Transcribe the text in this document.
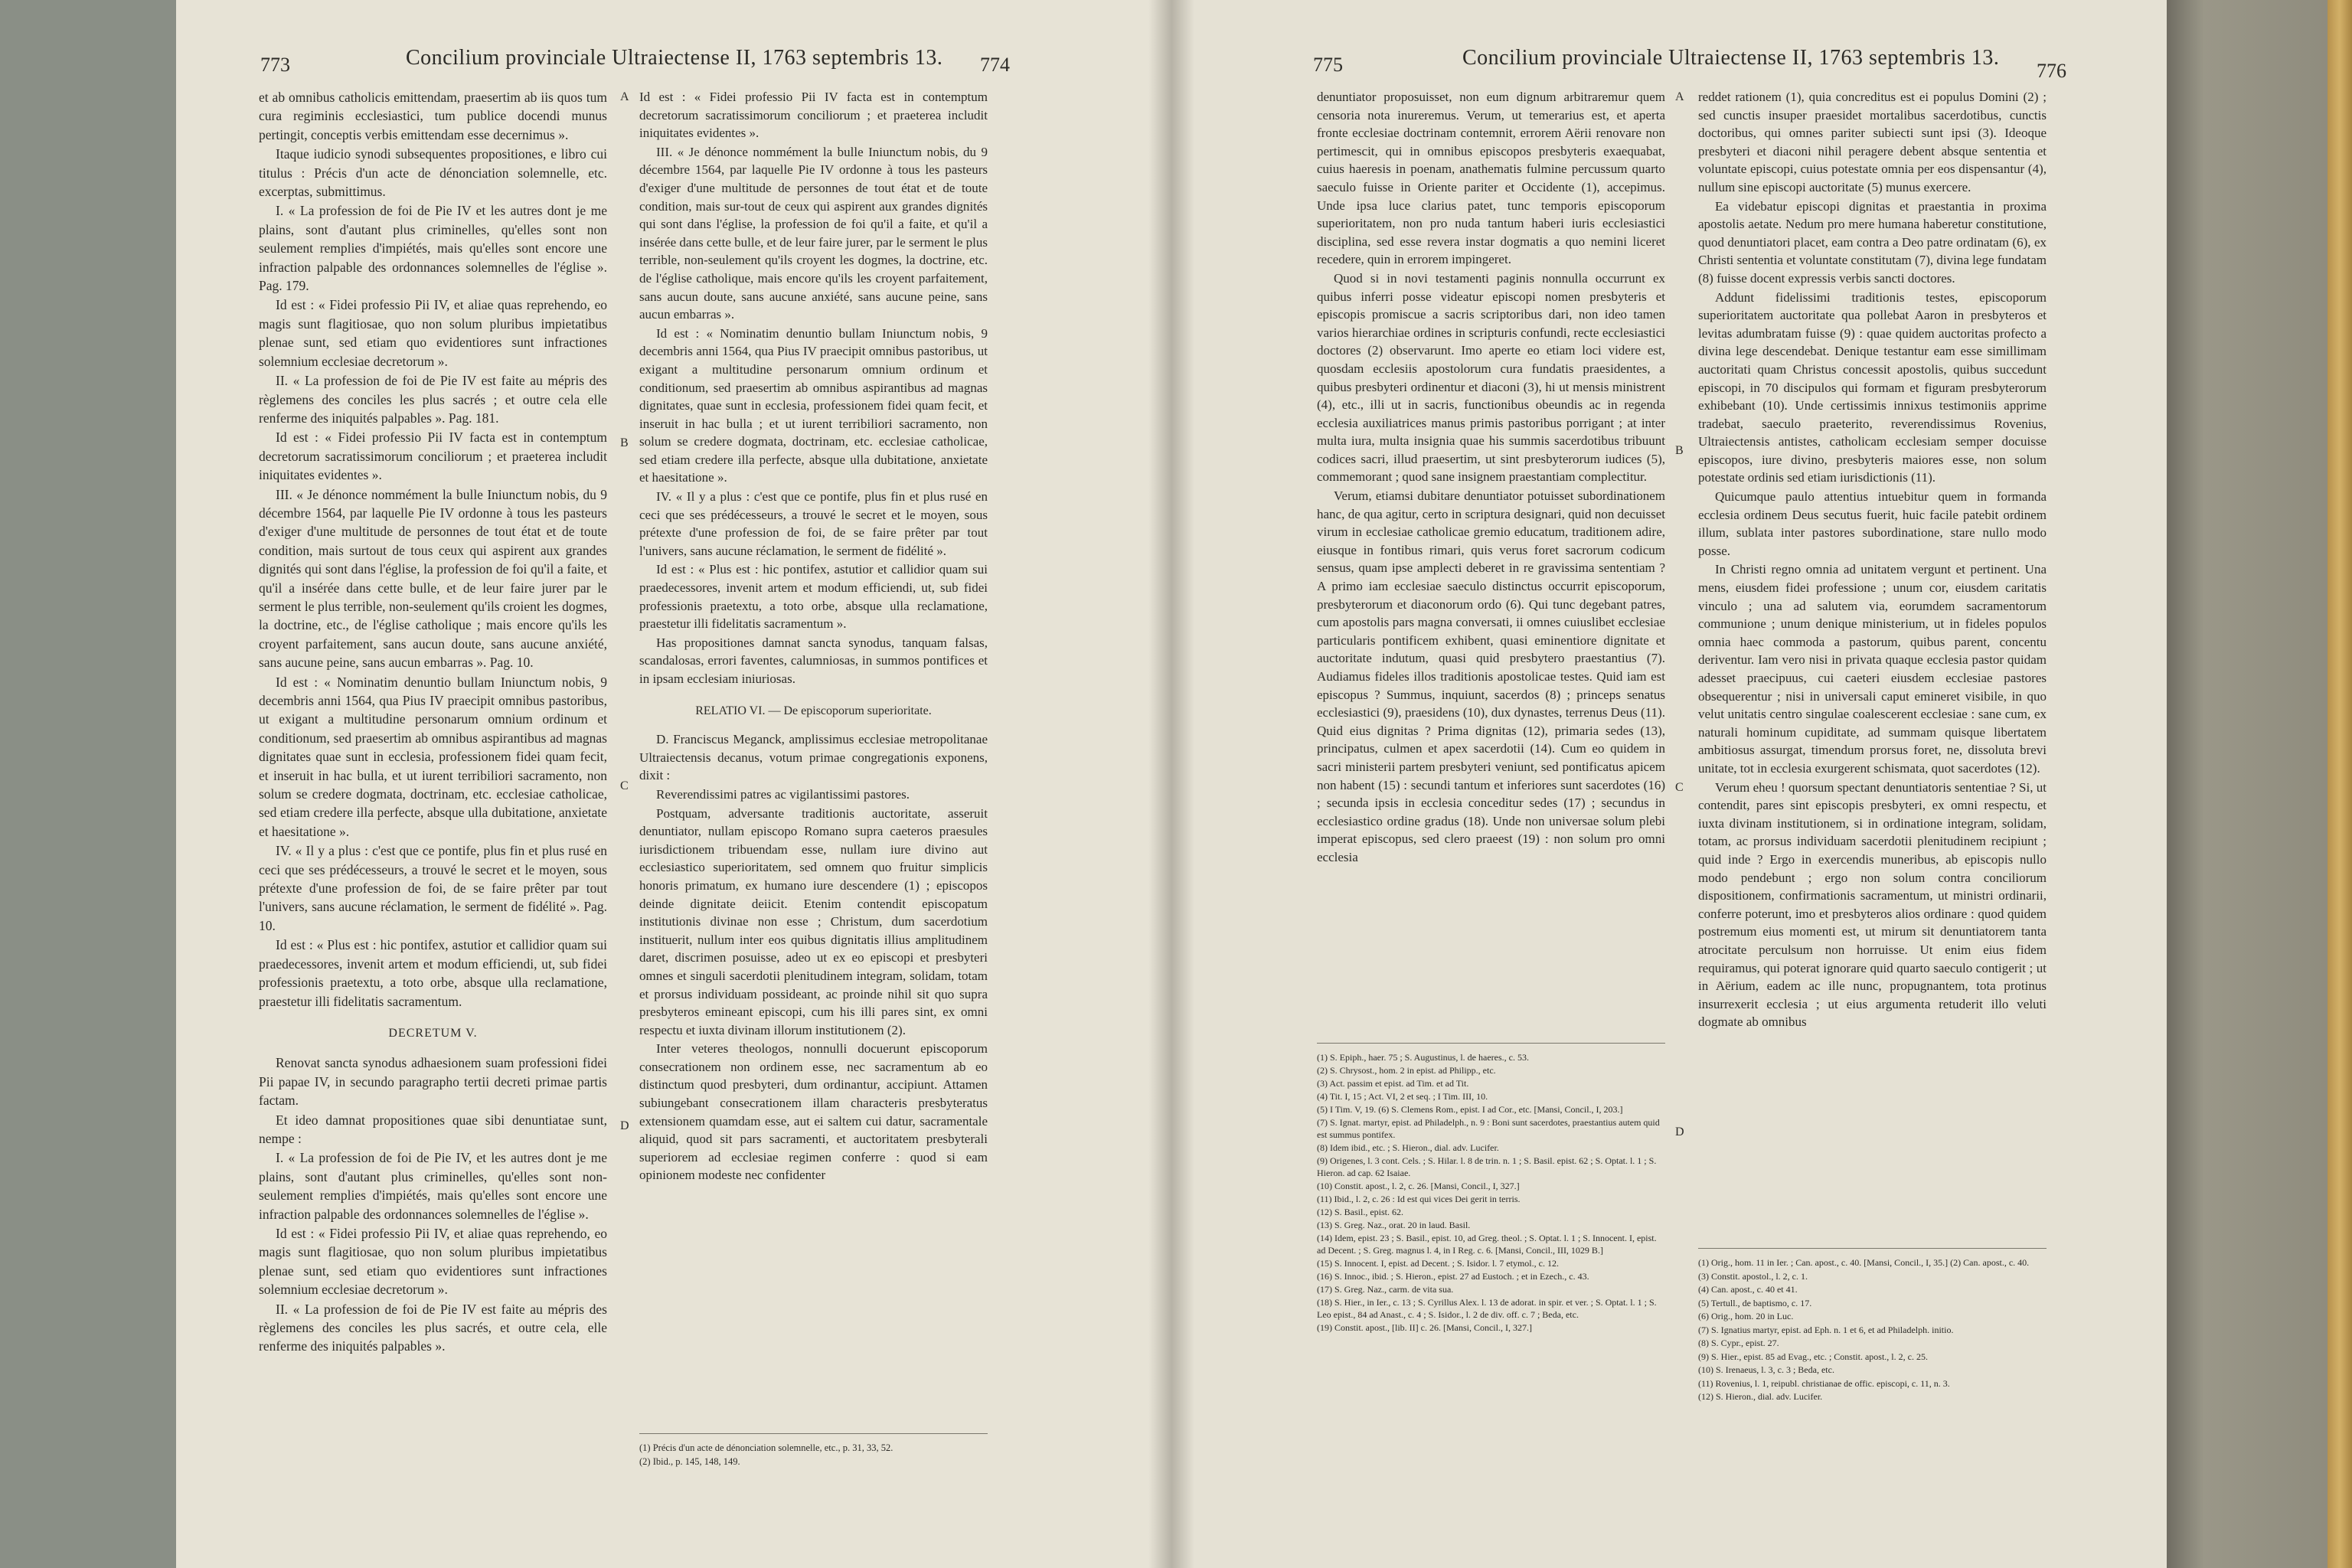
773	Concilium provinciale Ultraiectense II, 1763 septembris 13. 774

et ab omnibus catholicis emittendam, praesertim ab iis quos tum cura regiminis ecclesiastici, tum publice docendi munus pertingit, conceptis verbis emittendam esse decernimus ».

Itaque iudicio synodi subsequentes propositiones, e libro cui titulus : Précis d'un acte de dénonciation solemnelle, etc. excerptas, submittimus.

I. « La profession de foi de Pie IV et les autres dont je me plains, sont d'autant plus criminelles, qu'elles sont non seulement remplies d'impiétés, mais qu'elles sont encore une infraction palpable des ordonnances solemnelles de l'église ». Pag. 179.

Id est : « Fidei professio Pii IV, et aliae quas reprehendo, eo magis sunt flagitiosae, quo non solum pluribus impietatibus plenae sunt, sed etiam quo evidentiores sunt infractiones solemnium ecclesiae decretorum ».

II. « La profession de foi de Pie IV est faite au mépris des règlemens des conciles les plus sacrés ; et outre cela elle renferme des iniquités palpables ». Pag. 181.

Id est : « Fidei professio Pii IV facta est in contemptum decretorum sacratissimorum conciliorum ; et praeterea includit iniquitates evidentes ».

III. « Je dénonce nommément la bulle Iniunctum nobis, du 9 décembre 1564, par laquelle Pie IV ordonne à tous les pasteurs d'exiger d'une multitude de personnes de tout état et de toute condition, mais surtout de tous ceux qui aspirent aux grandes dignités qui sont dans l'église, la profession de foi qu'il a faite, et qu'il a insérée dans cette bulle, et de leur faire jurer par le serment le plus terrible, non-seulement qu'ils croient les dogmes, la doctrine, etc., de l'église catholique ; mais encore qu'ils les croyent parfaitement, sans aucun doute, sans aucune anxiété, sans aucune peine, sans aucun embarras ». Pag. 10.

Id est : « Nominatim denuntio bullam Iniunctum nobis, 9 decembris anni 1564, qua Pius IV praecipit omnibus pastoribus, ut exigant a multitudine personarum omnium ordinum et conditionum, sed praesertim ab omnibus aspirantibus ad magnas dignitates quae sunt in ecclesia, professionem fidei quam fecit, et inseruit in hac bulla, et ut iurent terribiliori sacramento, non solum se credere dogmata, doctrinam, etc. ecclesiae catholicae, sed etiam credere illa perfecte, absque ulla dubitatione, anxietate et haesitatione ».

IV. « Il y a plus : c'est que ce pontife, plus fin et plus rusé en ceci que ses prédécesseurs, a trouvé le secret et le moyen, sous prétexte d'une profession de foi, de se faire prêter par tout l'univers, sans aucune réclamation, le serment de fidélité ». Pag. 10.

Id est : « Plus est : hic pontifex, astutior et callidior quam sui praedecessores, invenit artem et modum efficiendi, ut, sub fidei professionis praetextu, a toto orbe, absque ulla reclamatione, praestetur illi fidelitatis sacramentum.

DECRETUM V.

Renovat sancta synodus adhaesionem suam professioni fidei Pii papae IV, in secundo paragrapho tertii decreti primae partis factam.

Et ideo damnat propositiones quae sibi denuntiatae sunt, nempe :

I. « La profession de foi de Pie IV, et les autres dont je me plains, sont d'autant plus criminelles, qu'elles sont non-seulement remplies d'impiétés, mais qu'elles sont encore une infraction palpable des ordonnances solemnelles de l'église ».

Id est : « Fidei professio Pii IV, et aliae quas reprehendo, eo magis sunt flagitiosae, quo non solum pluribus impietatibus plenae sunt, sed etiam quo evidentiores sunt infractiones solemnium ecclesiae decretorum ».

II. « La profession de foi de Pie IV est faite au mépris des règlemens des conciles les plus sacrés, et outre cela, elle renferme des iniquités palpables ».

A
B
C
D

Id est : « Fidei professio Pii IV facta est in contemptum decretorum sacratissimorum conciliorum ; et praeterea includit iniquitates evidentes ».

III. « Je dénonce nommément la bulle Iniunctum nobis, du 9 décembre 1564, par laquelle Pie IV ordonne à tous les pasteurs d'exiger d'une multitude de personnes de tout état et de toute condition, mais sur-tout de ceux qui aspirent aux grandes dignités qui sont dans l'église, la profession de foi qu'il a faite, et qu'il a insérée dans cette bulle, et de leur faire jurer, par le serment le plus terrible, non-seulement qu'ils croyent les dogmes, la doctrine, etc. de l'église catholique, mais encore qu'ils les croyent parfaitement, sans aucun doute, sans aucune anxiété, sans aucune peine, sans aucun embarras ».

Id est : « Nominatim denuntio bullam Iniunctum nobis, 9 decembris anni 1564, qua Pius IV praecipit omnibus pastoribus, ut exigant a multitudine personarum omnium ordinum et conditionum, sed praesertim ab omnibus aspirantibus ad magnas dignitates, quae sunt in ecclesia, professionem fidei quam fecit, et inseruit in hac bulla ; et ut iurent terribiliori sacramento, non solum se credere dogmata, doctrinam, etc. ecclesiae catholicae, sed etiam credere illa perfecte, absque ulla dubitatione, anxietate et haesitatione ».

IV. « Il y a plus : c'est que ce pontife, plus fin et plus rusé en ceci que ses prédécesseurs, a trouvé le secret et le moyen, sous prétexte d'une profession de foi, de se faire prêter par tout l'univers, sans aucune réclamation, le serment de fidélité ».

Id est : « Plus est : hic pontifex, astutior et callidior quam sui praedecessores, invenit artem et modum efficiendi, ut, sub fidei professionis praetextu, a toto orbe, absque ulla reclamatione, praestetur illi fidelitatis sacramentum ».

Has propositiones damnat sancta synodus, tanquam falsas, scandalosas, errori faventes, calumniosas, in summos pontifices et in ipsam ecclesiam iniuriosas.

RELATIO VI. — De episcoporum superioritate.

D. Franciscus Meganck, amplissimus ecclesiae metropolitanae Ultraiectensis decanus, votum primae congregationis exponens, dixit :

Reverendissimi patres ac vigilantissimi pastores.

Postquam, adversante traditionis auctoritate, asseruit denuntiator, nullam episcopo Romano supra caeteros praesules iurisdictionem tribuendam esse, nullam iure divino aut ecclesiastico superioritatem, sed omnem quo fruitur simplicis honoris primatum, ex humano iure descendere (1) ; episcopos deinde dignitate deiicit. Etenim contendit episcopatum institutionis divinae non esse ; Christum, dum sacerdotium instituerit, nullum inter eos quibus dignitatis illius amplitudinem daret, discrimen posuisse, adeo ut ex eo episcopi et presbyteri omnes et singuli sacerdotii plenitudinem integram, solidam, totam et prorsus individuam possideant, ac proinde nihil sit quo supra presbyteros emineant episcopi, cum his illi pares sint, ex omni respectu et iuxta divinam illorum institutionem (2).

Inter veteres theologos, nonnulli docuerunt episcoporum consecrationem non ordinem esse, nec sacramentum ab eo distinctum quod presbyteri, dum ordinantur, accipiunt. Attamen subiungebant consecrationem illam characteris presbyteratus extensionem quamdam esse, aut ei saltem cui datur, sacramentale aliquid, quod sit pars sacramenti, et auctoritatem presbyterali superiorem ad ecclesiae regimen conferre : quod si eam opinionem modeste nec confidenter

(1) Précis d'un acte de dénonciation solemnelle, etc., p. 31, 33, 52.
(2) Ibid., p. 145, 148, 149.
775	Concilium provinciale Ultraiectense II, 1763 septembris 13.
776

denuntiator proposuisset, non eum dignum arbitraremur quem censoria nota inureremus. Verum, ut temerarius est, et aperta fronte ecclesiae doctrinam contemnit, errorem Aërii renovare non pertimescit, qui in omnibus episcopos presbyteris exaequabat, cuius haeresis in poenam, anathematis fulmine percussum quarto saeculo fuisse in Oriente pariter et Occidente (1), accepimus. Unde ipsa luce clarius patet, tunc temporis episcoporum superioritatem, non pro nuda tantum haberi iuris ecclesiastici disciplina, sed esse revera instar dogmatis a quo nemini liceret recedere, quin in errorem impingeret.

Quod si in novi testamenti paginis nonnulla occurrunt ex quibus inferri posse videatur episcopi nomen presbyteris et episcopis promiscue a sacris scriptoribus dari, non ideo tamen varios hierarchiae ordines in scripturis confundi, recte ecclesiastici doctores (2) observarunt. Imo aperte eo etiam loci videre est, quosdam ecclesiis apostolorum cura fundatis praesidentes, a quibus presbyteri ordinentur et diaconi (3), hi ut mensis ministrent (4), etc., illi ut in sacris, functionibus obeundis ac in regenda ecclesia auxiliatrices manus primis pastoribus porrigant ; at inter multa iura, multa insignia quae his summis sacerdotibus tribuunt codices sacri, illud praesertim, ut sint presbyterorum iudices (5), commemorant ; quod sane insignem praestantiam complectitur.

Verum, etiamsi dubitare denuntiator potuisset subordinationem hanc, de qua agitur, certo in scriptura designari, quid non decuisset virum in ecclesiae catholicae gremio educatum, traditionem adire, eiusque in fontibus rimari, quis verus foret sacrorum codicum sensus, quam ipse amplecti deberet in re gravissima sententiam ? A primo iam ecclesiae saeculo distinctus occurrit episcoporum, presbyterorum et diaconorum ordo (6). Qui tunc degebant patres, cum apostolis pars magna conversati, ii omnes cuiuslibet ecclesiae particularis pontificem exhibent, quasi eminentiore dignitate et auctoritate indutum, quasi quid presbytero praestantius (7). Audiamus fideles illos traditionis apostolicae testes. Quid iam est episcopus ? Summus, inquiunt, sacerdos (8) ; princeps senatus ecclesiastici (9), praesidens (10), dux dynastes, terrenus Deus (11). Quid eius dignitas ? Prima dignitas (12), primaria sedes (13), principatus, culmen et apex sacerdotii (14). Cum eo quidem in sacri ministerii partem presbyteri veniunt, sed pontificatus apicem non habent (15) : secundi tantum et inferiores sunt sacerdotes (16) ; secunda ipsis in ecclesia conceditur sedes (17) ; secundus in ecclesiastico ordine gradus (18). Unde non universae solum plebi imperat episcopus, sed clero praeest (19) : non solum pro omni ecclesia

A
B
C
D
(1) S. Epiph., haer. 75 ; S. Augustinus, l. de haeres., c. 53.
(2) S. Chrysost., hom. 2 in epist. ad Philipp., etc.
(3) Act. passim et epist. ad Tim. et ad Tit.
(4) Tit. I, 15 ; Act. VI, 2 et seq. ; I Tim. III, 10.
(5) I Tim. V, 19. (6) S. Clemens Rom., epist. I ad Cor., etc. [Mansi, Concil., I, 203.]
(7) S. Ignat. martyr, epist. ad Philadelph., n. 9 : Boni sunt sacerdotes, praestantius autem quid est summus pontifex.
(8) Idem ibid., etc. ; S. Hieron., dial. adv. Lucifer.
(9) Origenes, l. 3 cont. Cels. ; S. Hilar. l. 8 de trin. n. 1 ; S. Basil. epist. 62 ; S. Optat. l. 1 ; S. Hieron. ad cap. 62 Isaiae.
(10) Constit. apost., l. 2, c. 26. [Mansi, Concil., I, 327.]
(11) Ibid., l. 2, c. 26 : Id est qui vices Dei gerit in terris.
(12) S. Basil., epist. 62.
(13) S. Greg. Naz., orat. 20 in laud. Basil.
(14) Idem, epist. 23 ; S. Basil., epist. 10, ad Greg. theol. ; S. Optat. l. 1 ; S. Innocent. I, epist. ad Decent. ; S. Greg. magnus l. 4, in I Reg. c. 6. [Mansi, Concil., III, 1029 B.]
(15) S. Innocent. I, epist. ad Decent. ; S. Isidor. l. 7 etymol., c. 12.
(16) S. Innoc., ibid. ; S. Hieron., epist. 27 ad Eustoch. ; et in Ezech., c. 43.
(17) S. Greg. Naz., carm. de vita sua.
(18) S. Hier., in Ier., c. 13 ; S. Cyrillus Alex. l. 13 de adorat. in spir. et ver. ; S. Optat. l. 1 ; S. Leo epist., 84 ad Anast., c. 4 ; S. Isidor., l. 2 de div. off. c. 7 ; Beda, etc.
(19) Constit. apost., [lib. II] c. 26. [Mansi, Concil., I, 327.]

reddet rationem (1), quia concreditus est ei populus Domini (2) ; sed cunctis insuper praesidet mortalibus sacerdotibus, cunctis doctoribus, qui omnes pariter subiecti sunt ipsi (3). Ideoque presbyteri et diaconi nihil peragere debent absque sententia et voluntate episcopi, cuius potestate omnia per eos dispensantur (4), nullum sine episcopi auctoritate (5) munus exercere.

Ea videbatur episcopi dignitas et praestantia in proxima apostolis aetate. Nedum pro mere humana haberetur constitutione, quod denuntiatori placet, eam contra a Deo patre ordinatam (6), ex Christi sententia et voluntate constitutam (7), divina lege fundatam (8) fuisse docent expressis verbis sancti doctores.

Addunt fidelissimi traditionis testes, episcoporum superioritatem auctoritate qua pollebat Aaron in presbyteros et levitas adumbratam fuisse (9) : quae quidem auctoritas profecto a divina lege descendebat. Denique testantur eam esse simillimam auctoritati quam Christus concessit apostolis, quibus succedunt episcopi, in 70 discipulos qui formam et figuram presbyterorum exhibebant (10). Unde certissimis innixus testimoniis apprime tradebat, saeculo praeterito, reverendissimus Rovenius, Ultraiectensis antistes, catholicam ecclesiam semper docuisse episcopos, iure divino, presbyteris maiores esse, non solum potestate ordinis sed etiam iurisdictionis (11).

Quicumque paulo attentius intuebitur quem in formanda ecclesia ordinem Deus secutus fuerit, huic facile patebit ordinem illum, sublata inter pastores subordinatione, stare nullo modo posse.

In Christi regno omnia ad unitatem vergunt et pertinent. Una mens, eiusdem fidei professione ; unum cor, eiusdem caritatis vinculo ; una ad salutem via, eorumdem sacramentorum communione ; unum denique ministerium, ut in fideles populos omnia haec commoda a pastorum, quibus parent, concentu deriventur. Iam vero nisi in privata quaque ecclesia pastor quidam adesset praecipuus, cui caeteri eiusdem ecclesiae pastores obsequerentur ; nisi in universali caput emineret visibile, in quo velut unitatis centro singulae coalescerent ecclesiae : sane cum, ex naturali hominum cupiditate, ad summam quisque libertatem ambitiosus assurgat, timendum prorsus foret, ne, dissoluta brevi unitate, tot in ecclesia exurgerent schismata, quot sacerdotes (12).

Verum eheu ! quorsum spectant denuntiatoris sententiae ? Si, ut contendit, pares sint episcopis presbyteri, ex omni respectu, et iuxta divinam institutionem, si in ordinatione integram, solidam, totam, ac prorsus individuam sacerdotii plenitudinem recipiunt ; quid inde ? Ergo in exercendis muneribus, ab episcopis nullo modo pendebunt ; ergo non solum contra conciliorum dispositionem, confirmationis sacramentum, ut ministri ordinarii, conferre poterunt, imo et presbyteros alios ordinare : quod quidem postremum eius momenti est, ut mirum sit denuntiatorem tanta atrocitate perculsum non horruisse. Ut enim eius fidem requiramus, qui poterat ignorare quid quarto saeculo contigerit ; ut in Aërium, eadem ac ille nunc, propugnantem, tota protinus insurrexerit ecclesia ; ut eius argumenta retuderit illo veluti dogmate ab omnibus

(1) Orig., hom. 11 in Ier. ; Can. apost., c. 40. [Mansi, Concil., I, 35.] (2) Can. apost., c. 40.
(3) Constit. apostol., l. 2, c. 1.
(4) Can. apost., c. 40 et 41.
(5) Tertull., de baptismo, c. 17.
(6) Orig., hom. 20 in Luc.
(7) S. Ignatius martyr, epist. ad Eph. n. 1 et 6, et ad Philadelph. initio.
(8) S. Cypr., epist. 27.
(9) S. Hier., epist. 85 ad Evag., etc. ; Constit. apost., l. 2, c. 25.
(10) S. Irenaeus, l. 3, c. 3 ; Beda, etc.
(11) Rovenius, l. 1, reipubl. christianae de offic. episcopi, c. 11, n. 3.
(12) S. Hieron., dial. adv. Lucifer.
